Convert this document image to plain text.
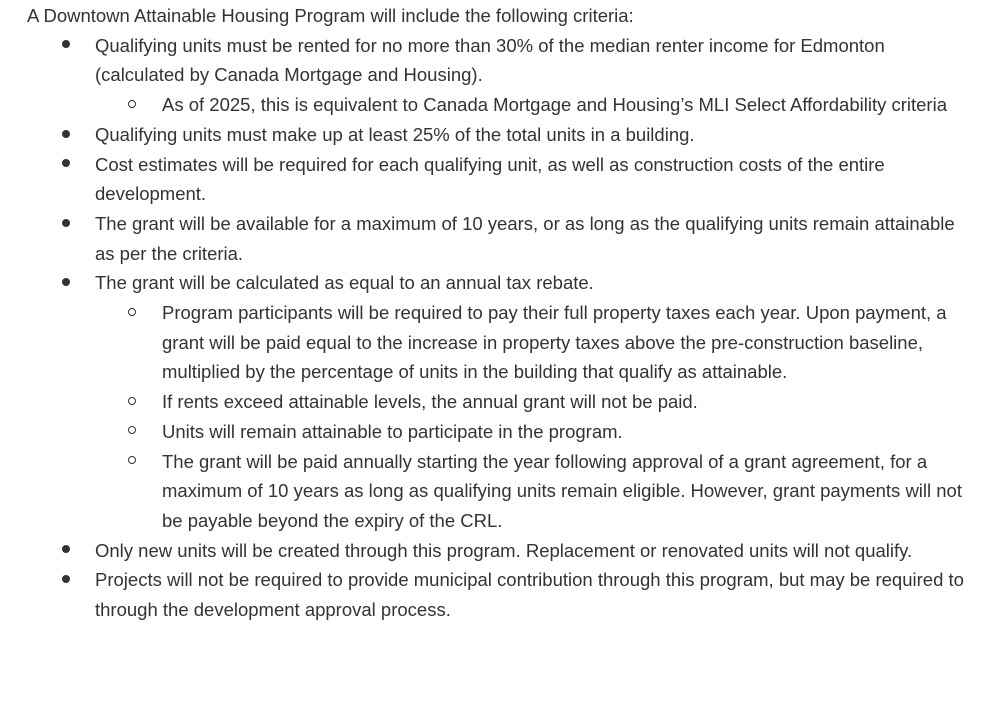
A Downtown Attainable Housing Program will include the following criteria:

Qualifying units must be rented for no more than 30% of the median renter income for Edmonton (calculated by Canada Mortgage and Housing).
As of 2025, this is equivalent to Canada Mortgage and Housing’s MLI Select Affordability criteria
Qualifying units must make up at least 25% of the total units in a building.
Cost estimates will be required for each qualifying unit, as well as construction costs of the entire development.
The grant will be available for a maximum of 10 years, or as long as the qualifying units remain attainable as per the criteria.
The grant will be calculated as equal to an annual tax rebate.
Program participants will be required to pay their full property taxes each year. Upon payment, a grant will be paid equal to the increase in property taxes above the pre-construction baseline, multiplied by the percentage of units in the building that qualify as attainable.
If rents exceed attainable levels, the annual grant will not be paid.
Units will remain attainable to participate in the program.
The grant will be paid annually starting the year following approval of a grant agreement, for a maximum of 10 years as long as qualifying units remain eligible. However, grant payments will not be payable beyond the expiry of the CRL.
Only new units will be created through this program. Replacement or renovated units will not qualify.
Projects will not be required to provide municipal contribution through this program, but may be required to through the development approval process.
